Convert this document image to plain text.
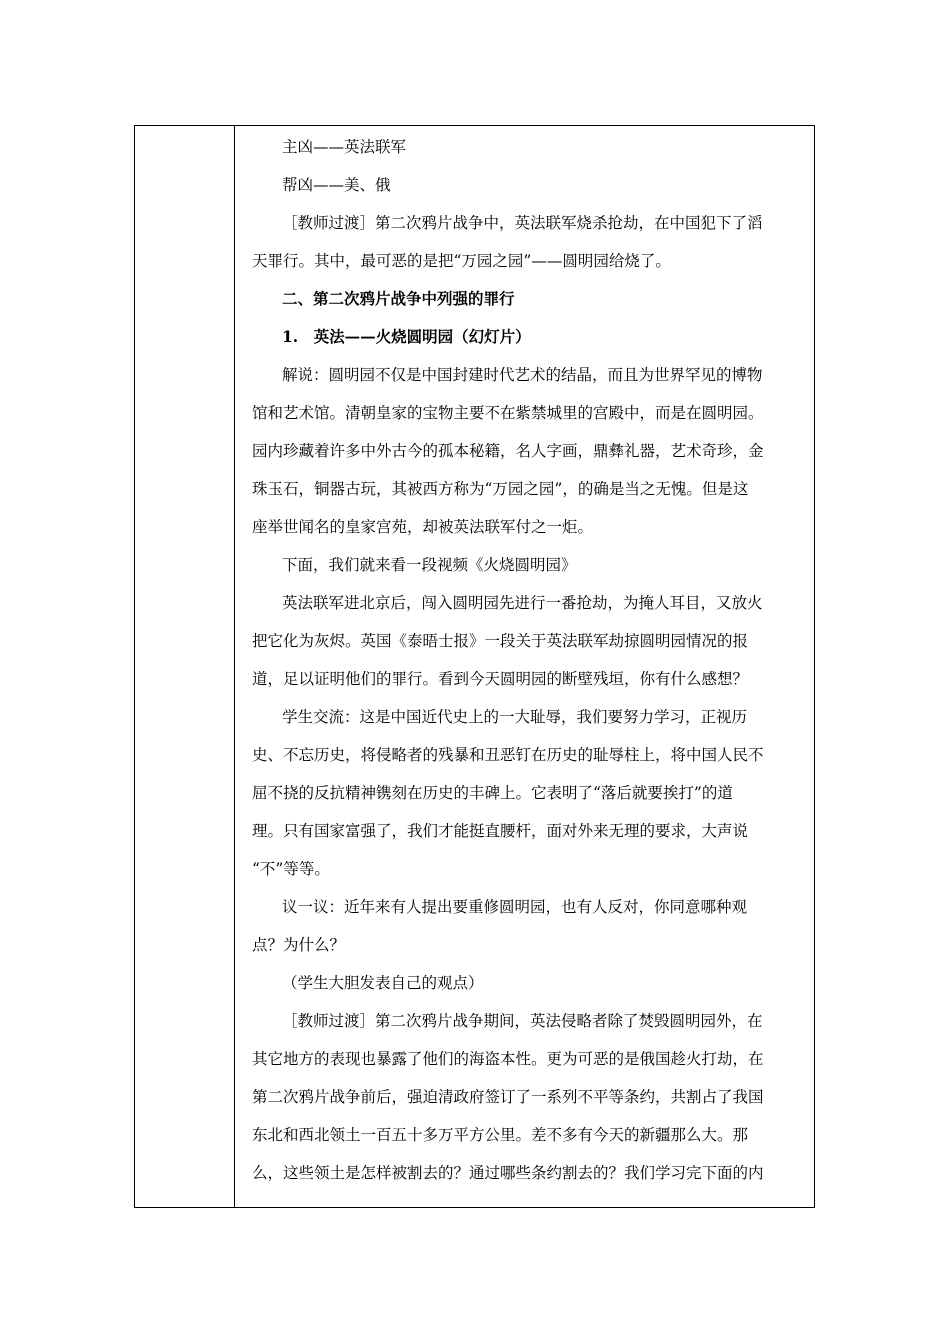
主凶——英法联军
帮凶——美、俄
［教师过渡］第二次鸦片战争中，英法联军烧杀抢劫，在中国犯下了滔
天罪行。其中，最可恶的是把“万园之园”——圆明园给烧了。
二、第二次鸦片战争中列强的罪行
1.　英法——火烧圆明园（幻灯片）
解说：圆明园不仅是中国封建时代艺术的结晶，而且为世界罕见的博物
馆和艺术馆。清朝皇家的宝物主要不在紫禁城里的宫殿中，而是在圆明园。
园内珍藏着许多中外古今的孤本秘籍，名人字画，鼎彝礼器，艺术奇珍，金
珠玉石，铜器古玩，其被西方称为“万园之园”，的确是当之无愧。但是这
座举世闻名的皇家宫苑，却被英法联军付之一炬。
下面，我们就来看一段视频《火烧圆明园》
英法联军进北京后，闯入圆明园先进行一番抢劫，为掩人耳目，又放火
把它化为灰烬。英国《泰晤士报》一段关于英法联军劫掠圆明园情况的报
道，足以证明他们的罪行。看到今天圆明园的断壁残垣，你有什么感想？
学生交流：这是中国近代史上的一大耻辱，我们要努力学习，正视历
史、不忘历史，将侵略者的残暴和丑恶钉在历史的耻辱柱上，将中国人民不
屈不挠的反抗精神镌刻在历史的丰碑上。它表明了“落后就要挨打”的道
理。只有国家富强了，我们才能挺直腰杆，面对外来无理的要求，大声说
“不”等等。
议一议：近年来有人提出要重修圆明园，也有人反对，你同意哪种观
点？为什么？
（学生大胆发表自己的观点）
［教师过渡］第二次鸦片战争期间，英法侵略者除了焚毁圆明园外，在
其它地方的表现也暴露了他们的海盗本性。更为可恶的是俄国趁火打劫，在
第二次鸦片战争前后，强迫清政府签订了一系列不平等条约，共割占了我国
东北和西北领土一百五十多万平方公里。差不多有今天的新疆那么大。那
么，这些领土是怎样被割去的？通过哪些条约割去的？我们学习完下面的内
